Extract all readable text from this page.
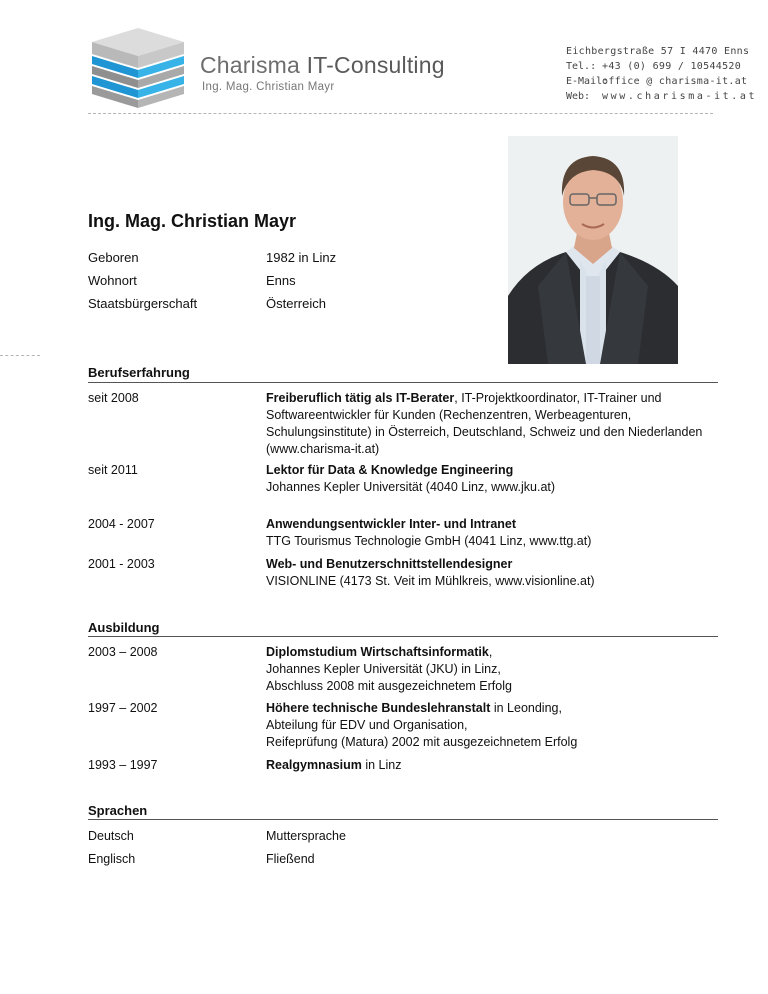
Charisma IT-Consulting
Ing. Mag. Christian Mayr
Eichbergstraße 57 I 4470 Enns
Tel.: +43 (0) 699 / 10544520
E-Mail:
office @ charisma-it.at
Web:	www.charisma-it.at
Ing. Mag. Christian Mayr
Geboren	1982 in Linz
Wohnort	Enns
Staatsbürgerschaft	Österreich
Berufserfahrung
seit 2008	Freiberuflich tätig als IT-Berater, IT-Projektkoordinator, IT-Trainer und Softwareentwickler für Kunden (Rechenzentren, Werbeagenturen, Schulungsinstitute) in Österreich, Deutschland, Schweiz und den Niederlanden (www.charisma-it.at)
seit 2011	Lektor für Data & Knowledge Engineering
Johannes Kepler Universität (4040 Linz, www.jku.at)
2004 - 2007	Anwendungsentwickler Inter- und Intranet
TTG Tourismus Technologie GmbH (4041 Linz, www.ttg.at)
2001 - 2003	Web- und Benutzerschnittstellendesigner
VISIONLINE (4173 St. Veit im Mühlkreis, www.visionline.at)
Ausbildung
2003 – 2008	Diplomstudium Wirtschaftsinformatik,
Johannes Kepler Universität (JKU) in Linz,
Abschluss 2008 mit ausgezeichnetem Erfolg
1997 – 2002	Höhere technische Bundeslehranstalt in Leonding,
Abteilung für EDV und Organisation,
Reifeprüfung (Matura) 2002 mit ausgezeichnetem Erfolg
1993 – 1997	Realgymnasium in Linz
Sprachen
Deutsch	Muttersprache
Englisch	Fließend
